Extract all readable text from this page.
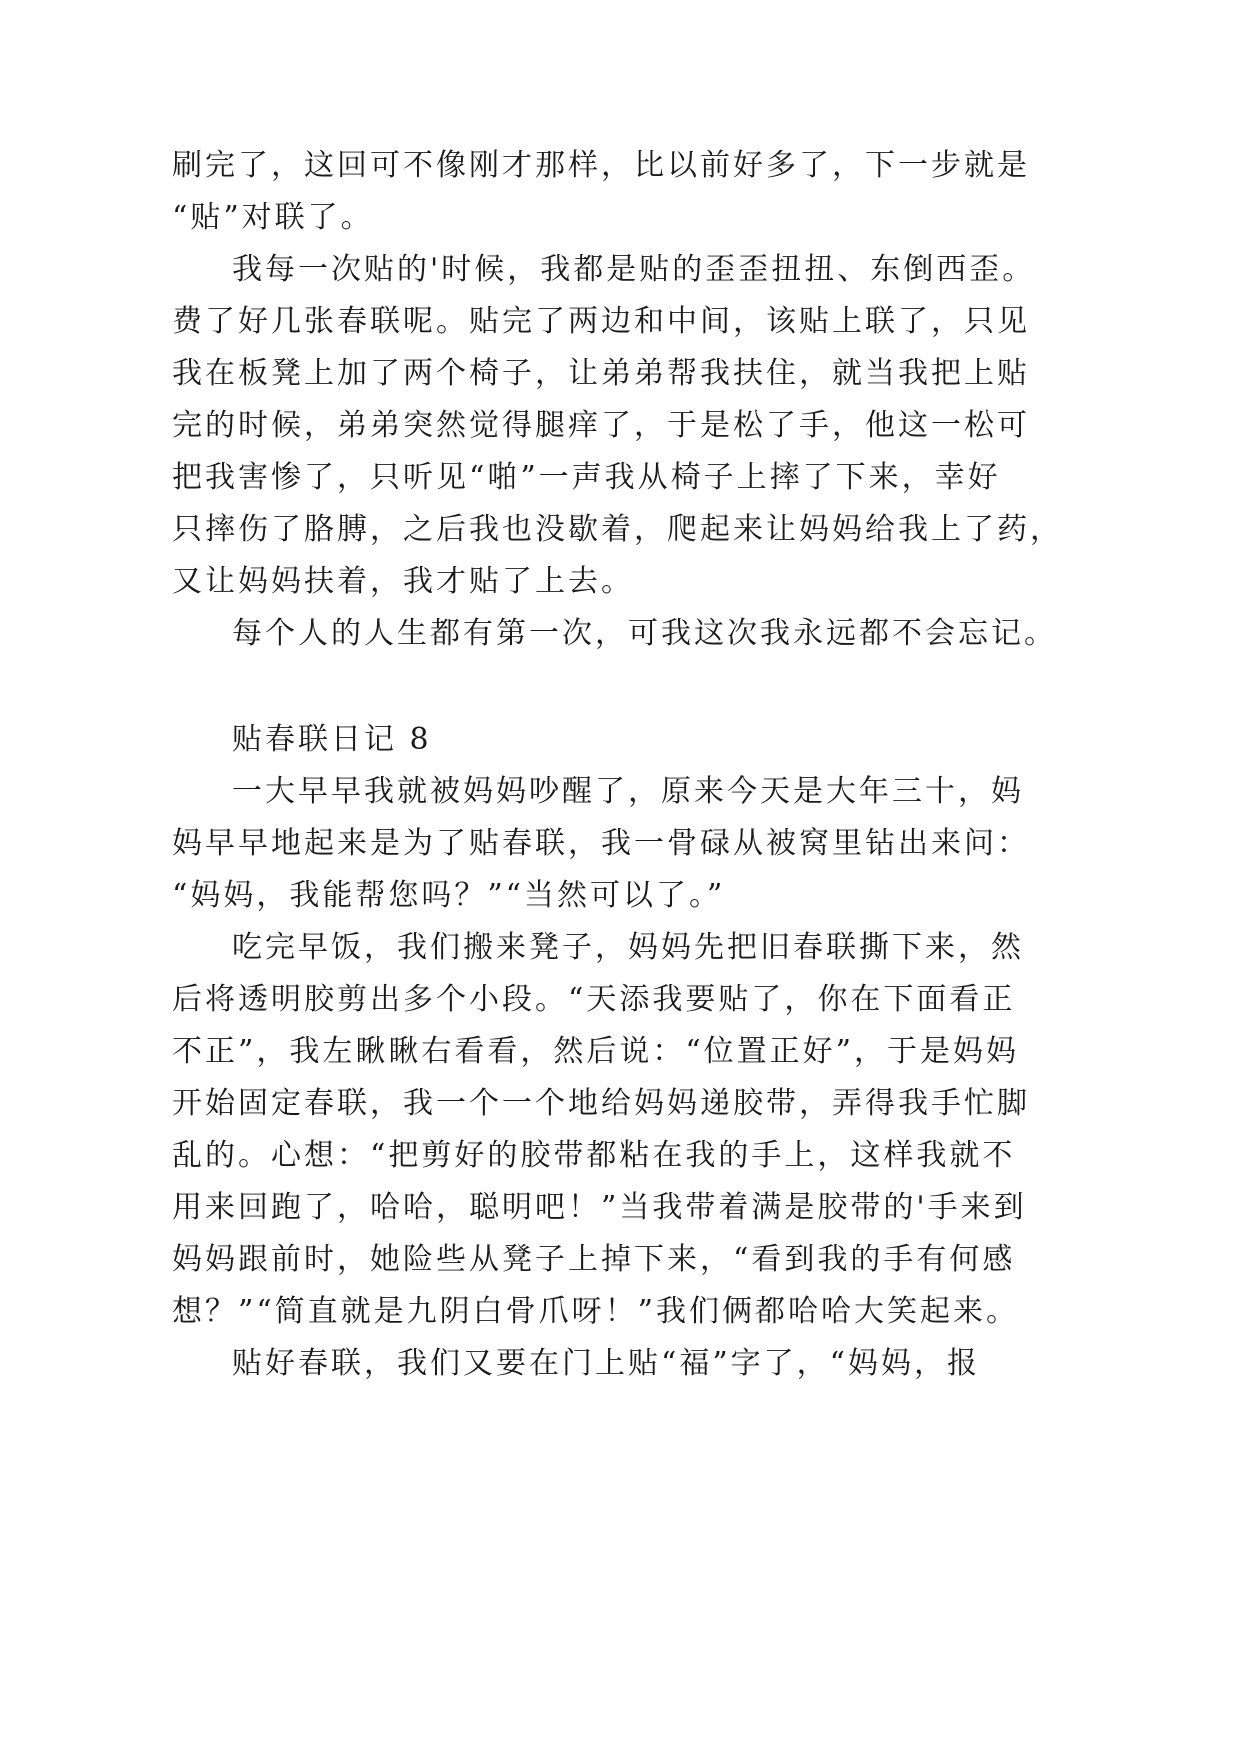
刷完了，这回可不像刚才那样，比以前好多了，下一步就是
“贴”对联了。
我每一次贴的'时候，我都是贴的歪歪扭扭、东倒西歪。
费了好几张春联呢。贴完了两边和中间，该贴上联了，只见
我在板凳上加了两个椅子，让弟弟帮我扶住，就当我把上贴
完的时候，弟弟突然觉得腿痒了，于是松了手，他这一松可
把我害惨了，只听见“啪”一声我从椅子上摔了下来，幸好
只摔伤了胳膊，之后我也没歇着，爬起来让妈妈给我上了药，
又让妈妈扶着，我才贴了上去。
每个人的人生都有第一次，可我这次我永远都不会忘记。
贴春联日记 8
一大早早我就被妈妈吵醒了，原来今天是大年三十，妈
妈早早地起来是为了贴春联，我一骨碌从被窝里钻出来问：
“妈妈，我能帮您吗？”“当然可以了。”
吃完早饭，我们搬来凳子，妈妈先把旧春联撕下来，然
后将透明胶剪出多个小段。“天添我要贴了，你在下面看正
不正”，我左瞅瞅右看看，然后说：“位置正好”，于是妈妈
开始固定春联，我一个一个地给妈妈递胶带，弄得我手忙脚
乱的。心想：“把剪好的胶带都粘在我的手上，这样我就不
用来回跑了，哈哈，聪明吧！”当我带着满是胶带的'手来到
妈妈跟前时，她险些从凳子上掉下来，“看到我的手有何感
想？”“简直就是九阴白骨爪呀！”我们俩都哈哈大笑起来。
贴好春联，我们又要在门上贴“福”字了，“妈妈，报
